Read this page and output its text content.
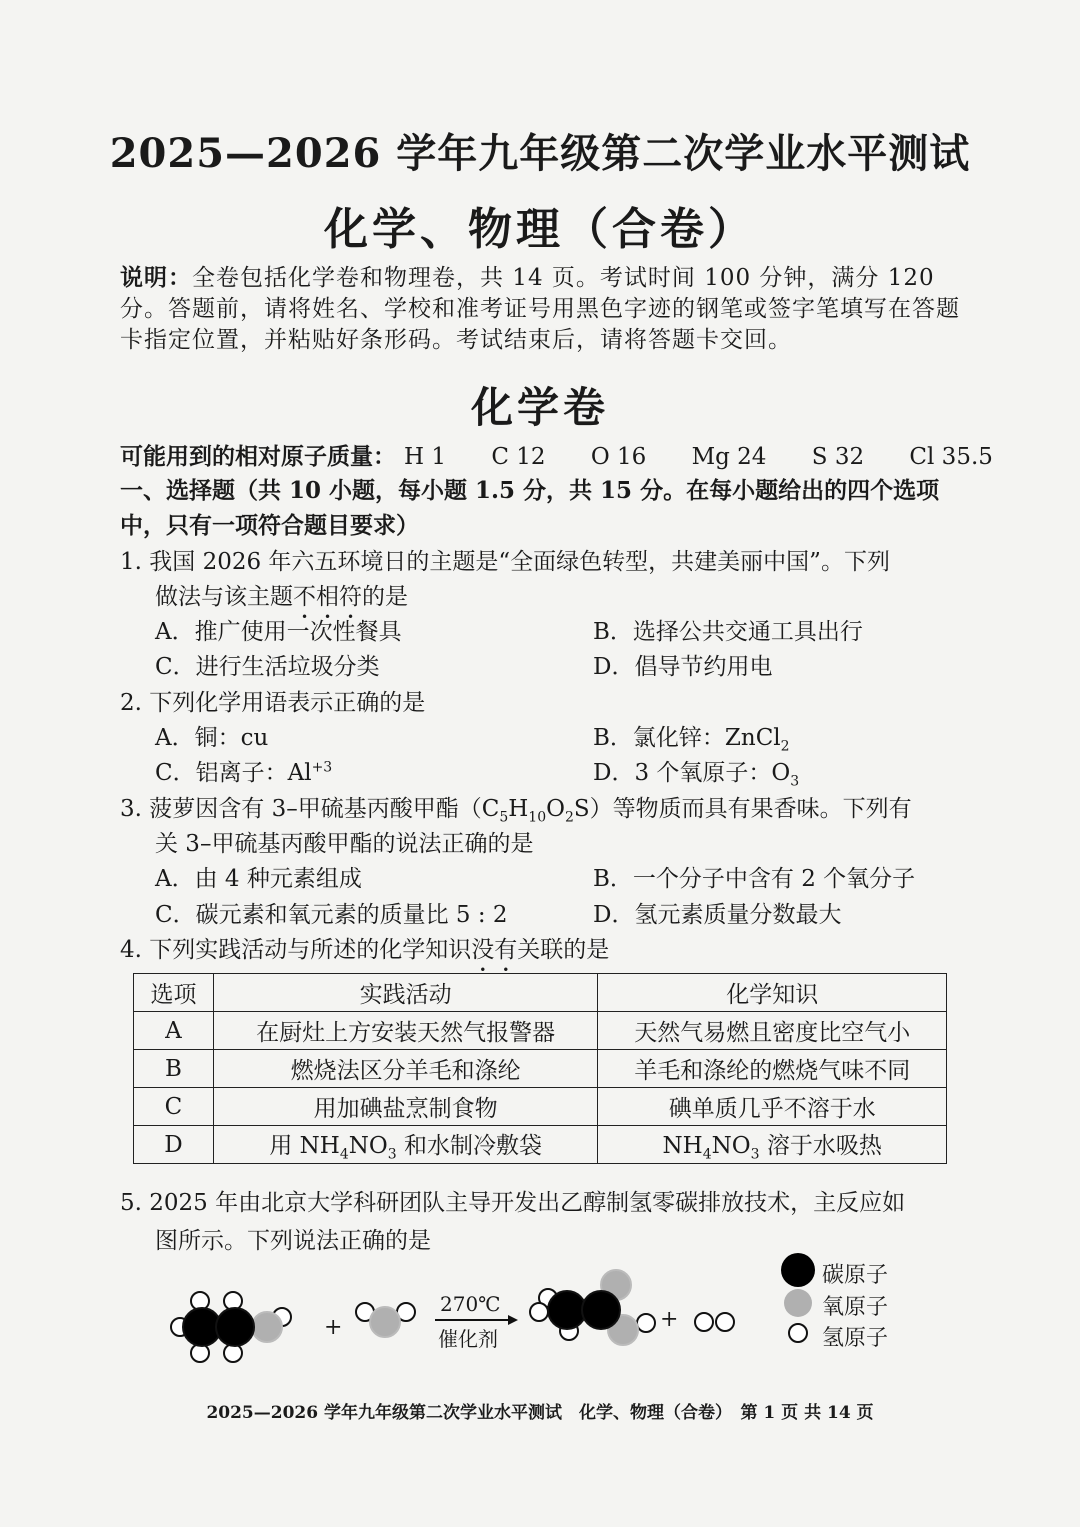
2025—2026 学年九年级第二次学业水平测试
化学、物理（合卷）
说明：全卷包括化学卷和物理卷，共 14 页。考试时间 100 分钟，满分 120 分。答题前，请将姓名、学校和准考证号用黑色字迹的钢笔或签字笔填写在答题卡指定位置，并粘贴好条形码。考试结束后，请将答题卡交回。
化学卷
可能用到的相对原子质量： H 1 C 12 O 16 Mg 24 S 32 Cl 35.5
一、选择题（共 10 小题，每小题 1.5 分，共 15 分。在每小题给出的四个选项
中，只有一项符合题目要求）
1. 我国 2026 年六五环境日的主题是“全面绿色转型，共建美丽中国”。下列
做法与该主题不相符的是
A．推广使用一次性餐具	B．选择公共交通工具出行
C．进行生活垃圾分类	D．倡导节约用电
2. 下列化学用语表示正确的是
A．铜：cu	B．氯化锌：ZnCl$_2$
C．铝离子：$Al^{+3}$	D．3 个氧原子：$O_3$
3. 菠萝因含有 3–甲硫基丙酸甲酯$(C_5H_{10}O_2S)$等物质而具有果香味。下列有
关 3–甲硫基丙酸甲酯的说法正确的是
A．由 4 种元素组成	B．一个分子中含有 2 个氧分子
C．碳元素和氧元素的质量比 5 : 2	D．氢元素质量分数最大
4. 下列实践活动与所述的化学知识没有关联的是
选项	实践活动	化学知识
A	在厨灶上方安装天然气报警器	天然气易燃且密度比空气小
B	燃烧法区分羊毛和涤纶	羊毛和涤纶的燃烧气味不同
C	用加碘盐烹制食物	碘单质几乎不溶于水
D	用 $NH_4NO_3$ 和水制冷敷袋	$NH_4NO_3$ 溶于水吸热
5. 2025 年由北京大学科研团队主导开发出乙醇制氢零碳排放技术，主反应如
图所示。下列说法正确的是
+	+
270℃
催化剂
碳原子
氧原子
氢原子
2025—2026 学年九年级第二次学业水平测试　化学、物理（合卷）　第 1 页 共 14 页
